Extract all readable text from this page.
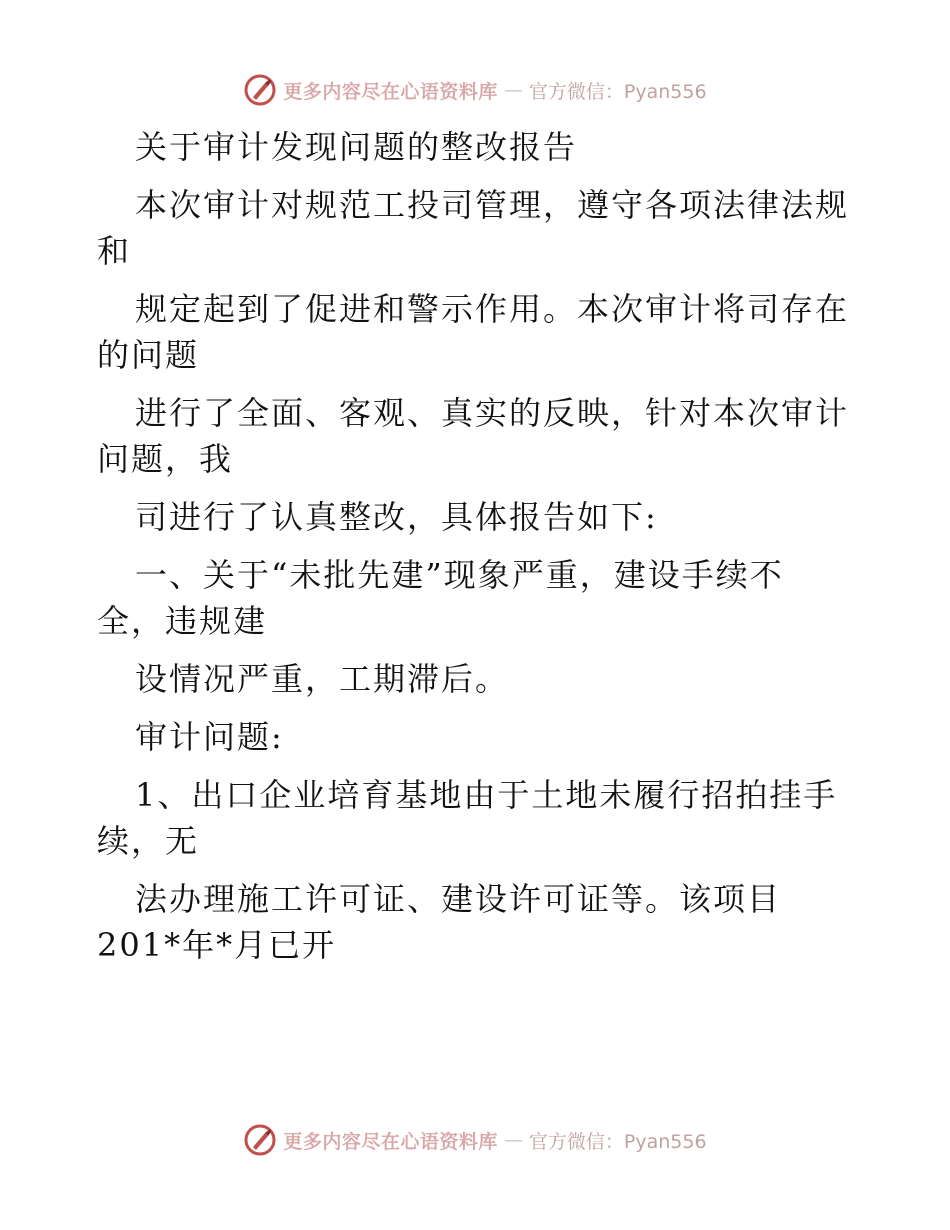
更多内容尽在心语资料库 — 官方微信：Pyan556
关于审计发现问题的整改报告
本次审计对规范工投司管理，遵守各项法律法规
和
规定起到了促进和警示作用。本次审计将司存在
的问题
进行了全面、客观、真实的反映，针对本次审计
问题，我
司进行了认真整改，具体报告如下:
一、关于“未批先建”现象严重，建设手续不
全，违规建
设情况严重，工期滞后。
审计问题:
1、出口企业培育基地由于土地未履行招拍挂手
续，无
法办理施工许可证、建设许可证等。该项目
201*年*月已开
更多内容尽在心语资料库 — 官方微信：Pyan556
